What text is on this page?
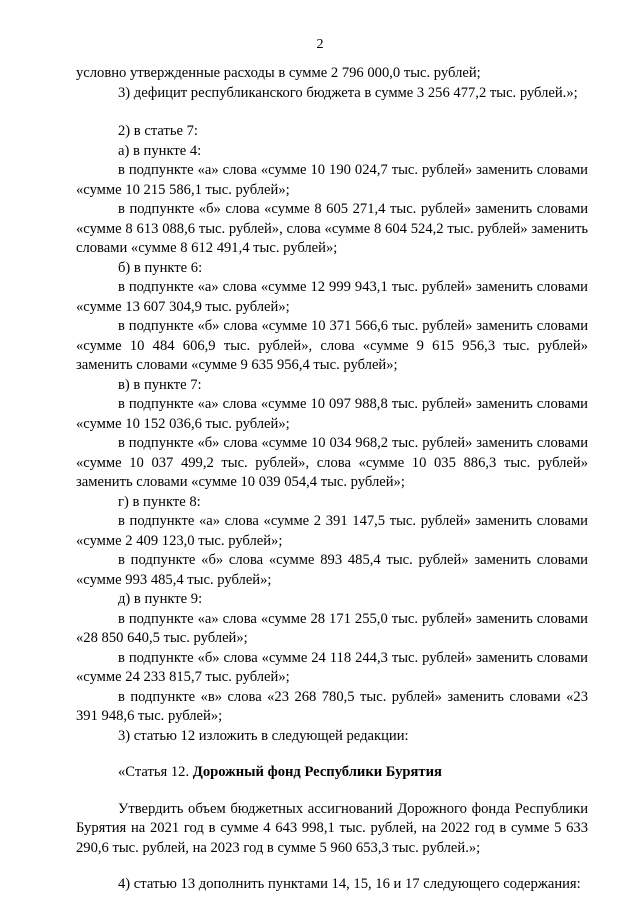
2

условно утвержденные расходы в сумме 2 796 000,0 тыс. рублей;

3) дефицит республиканского бюджета в сумме 3 256 477,2 тыс. рублей.»;

2) в статье 7:

а) в пункте 4:

в подпункте «а» слова «сумме 10 190 024,7 тыс. рублей» заменить словами «сумме 10 215 586,1 тыс. рублей»;

в подпункте «б» слова «сумме 8 605 271,4 тыс. рублей» заменить словами «сумме 8 613 088,6 тыс. рублей», слова «сумме 8 604 524,2 тыс. рублей» заменить словами «сумме 8 612 491,4 тыс. рублей»;

б) в пункте 6:

в подпункте «а» слова «сумме 12 999 943,1 тыс. рублей» заменить словами «сумме 13 607 304,9 тыс. рублей»;

в подпункте «б» слова «сумме 10 371 566,6 тыс. рублей» заменить словами «сумме 10 484 606,9 тыс. рублей», слова «сумме 9 615 956,3 тыс. рублей» заменить словами «сумме 9 635 956,4 тыс. рублей»;

в) в пункте 7:

в подпункте «а» слова «сумме 10 097 988,8 тыс. рублей» заменить словами «сумме 10 152 036,6 тыс. рублей»;

в подпункте «б» слова «сумме 10 034 968,2 тыс. рублей» заменить словами «сумме 10 037 499,2 тыс. рублей», слова «сумме 10 035 886,3 тыс. рублей» заменить словами «сумме 10 039 054,4 тыс. рублей»;

г) в пункте 8:

в подпункте «а» слова «сумме 2 391 147,5 тыс. рублей» заменить словами «сумме 2 409 123,0 тыс. рублей»;

в подпункте «б» слова «сумме 893 485,4 тыс. рублей» заменить словами «сумме 993 485,4 тыс. рублей»;

д) в пункте 9:

в подпункте «а» слова «сумме 28 171 255,0 тыс. рублей» заменить словами «28 850 640,5 тыс. рублей»;

в подпункте «б» слова «сумме 24 118 244,3 тыс. рублей» заменить словами «сумме 24 233 815,7 тыс. рублей»;

в подпункте «в» слова «23 268 780,5 тыс. рублей» заменить словами «23 391 948,6 тыс. рублей»;

3) статью 12 изложить в следующей редакции:

«Статья 12. Дорожный фонд Республики Бурятия

Утвердить объем бюджетных ассигнований Дорожного фонда Республики Бурятия на 2021 год в сумме 4 643 998,1 тыс. рублей, на 2022 год в сумме 5 633 290,6 тыс. рублей, на 2023 год в сумме 5 960 653,3 тыс. рублей.»;

4) статью 13 дополнить пунктами 14, 15, 16 и 17 следующего содержания:
